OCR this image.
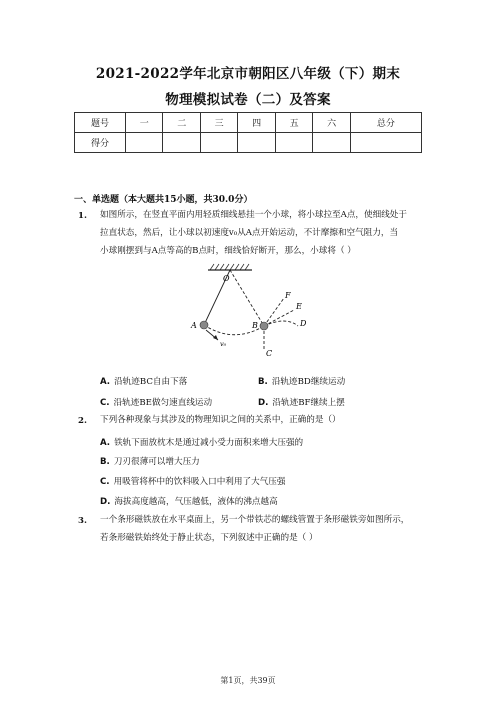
2021-2022学年北京市朝阳区八年级（下）期末
物理模拟试卷（二）及答案
题号	一	二	三	四	五	六	总分
得分							
一、单选题（本大题共15小题，共30.0分）
1. 如图所示，在竖直平面内用轻质细线悬挂一个小球，将小球拉至A点，使细线处于
拉直状态，然后，让小球以初速度v₀从A点开始运动，不计摩擦和空气阻力，当
小球刚摆到与A点等高的B点时，细线恰好断开，那么，小球将（ ）
O
A	B
C
D
E
F
v₀
A. 沿轨迹BC自由下落	B. 沿轨迹BD继续运动
C. 沿轨迹BE做匀速直线运动	D. 沿轨迹BF继续上摆
2. 下列各种现象与其涉及的物理知识之间的关系中，正确的是（）
A. 铁轨下面放枕木是通过减小受力面积来增大压强的
B. 刀刃很薄可以增大压力
C. 用吸管将杯中的饮料吸入口中利用了大气压强
D. 海拔高度越高，气压越低，液体的沸点越高
3. 一个条形磁铁放在水平桌面上，另一个带铁芯的螺线管置于条形磁铁旁如图所示，
若条形磁铁始终处于静止状态，下列叙述中正确的是（ ）
第1页，共39页
